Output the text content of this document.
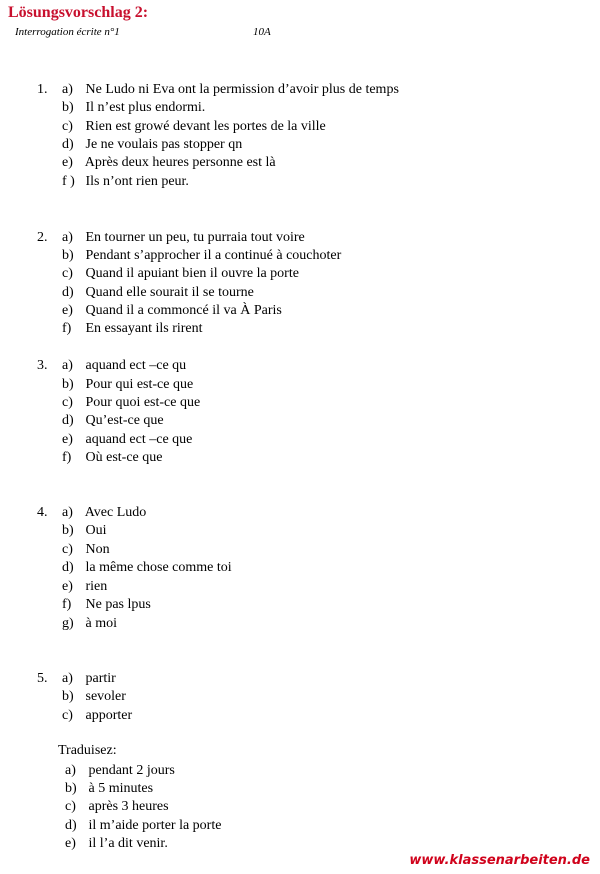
Lösungsvorschlag 2:
Interrogation écrite n°1	10A
1. a) Ne Ludo ni Eva ont la permission d’avoir plus de temps
b) Il n’est plus endormi.
c) Rien est growé devant les portes de la ville
d) Je ne voulais pas stopper qn
e) Après deux heures personne est là
f ) Ils n’ont rien peur.
2. a) En tourner un peu, tu purraia tout voire
b) Pendant s’approcher il a continué à couchoter
c) Quand il apuiant bien il ouvre la porte
d) Quand elle sourait il se tourne
e) Quand il a commoncé il va À Paris
f) En essayant ils rirent
3. a) aquand ect –ce qu
b) Pour qui est-ce que
c) Pour quoi est-ce que
d) Qu’est-ce que
e) aquand ect –ce que
f) Où est-ce que
4. a) Avec Ludo
b) Oui
c) Non
d) la même chose comme toi
e) rien
f) Ne pas lpus
g) à moi
5. a) partir
b) sevoler
c) apporter
Traduisez:
a) pendant 2 jours
b) à 5 minutes
c) après 3 heures
d) il m’aide porter la porte
e) il l’a dit venir.
www.klassenarbeiten.de
